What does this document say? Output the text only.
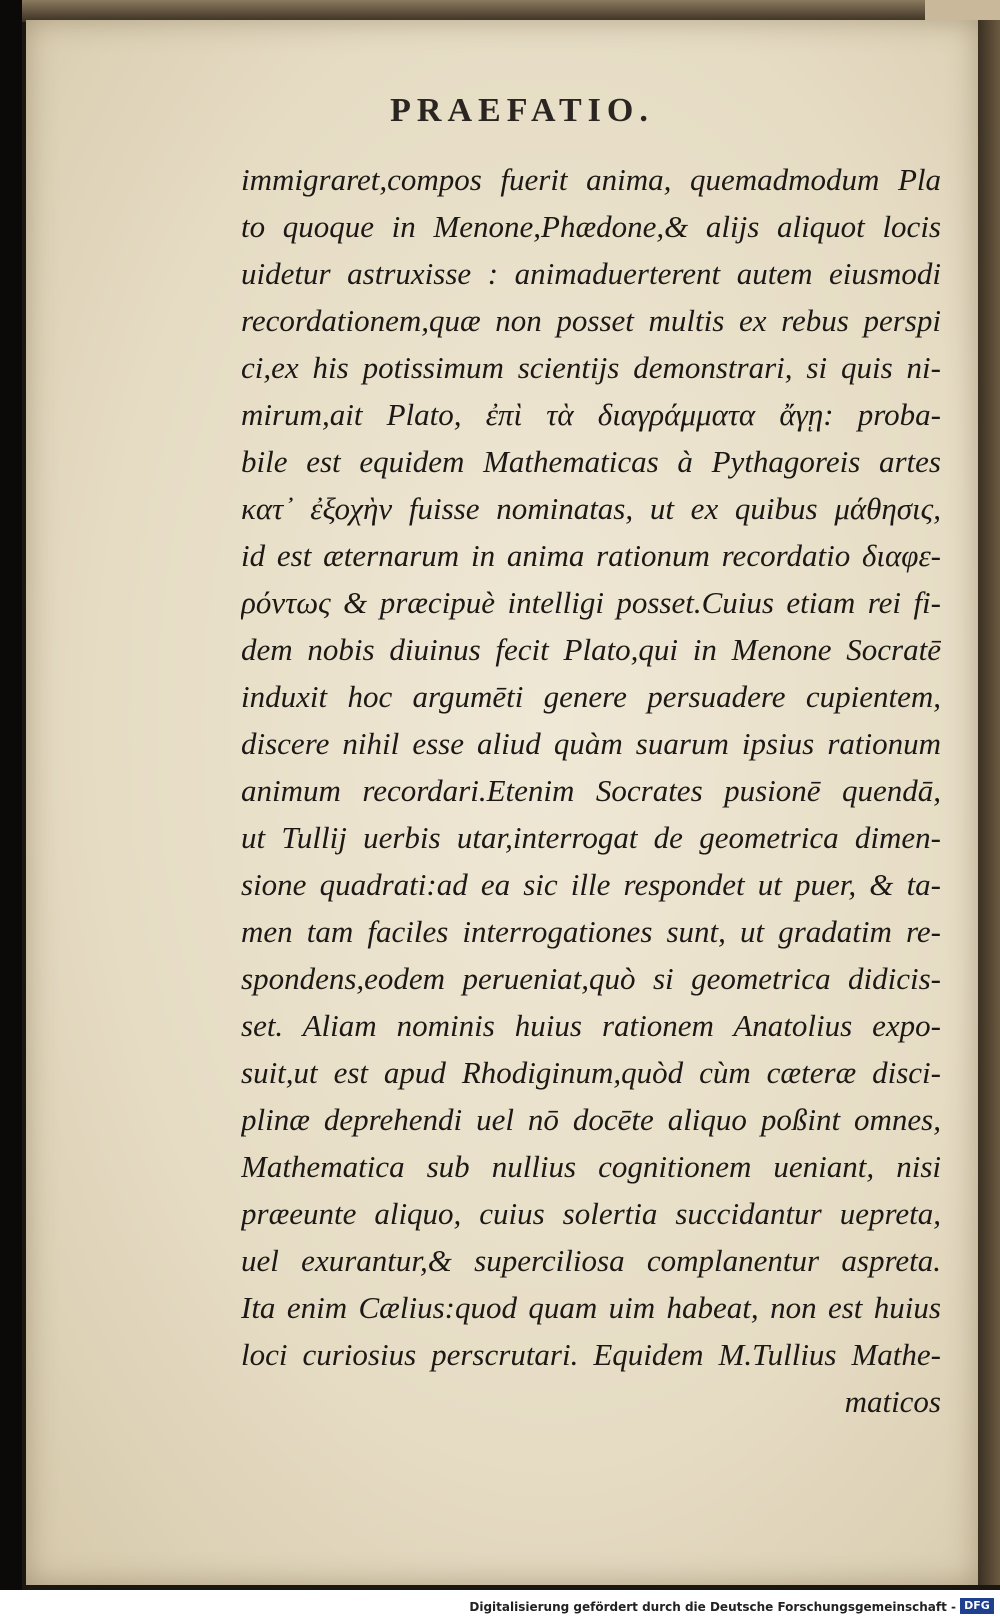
PRAEFATIO.
immigraret,compos fuerit anima, quemadmodum Pla
to quoque in Menone,Phædone,& alijs aliquot locis
uidetur astruxisse : animaduerterent autem eiusmodi
recordationem,quæ non posset multis ex rebus perspi
ci,ex his potissimum scientijs demonstrari, si quis ni-
mirum,ait Plato, ἐπὶ τὰ διαγράμματα ἄγῃ: proba-
bile est equidem Mathematicas à Pythagoreis artes
κατ᾽ ἐξοχὴν fuisse nominatas, ut ex quibus μάθησις,
id est æternarum in anima rationum recordatio διαφε-
ρόντως & præcipuè intelligi posset.Cuius etiam rei fi-
dem nobis diuinus fecit Plato,qui in Menone Socratē
induxit hoc argumēti genere persuadere cupientem,
discere nihil esse aliud quàm suarum ipsius rationum
animum recordari.Etenim Socrates pusionē quendā,
ut Tullij uerbis utar,interrogat de geometrica dimen-
sione quadrati:ad ea sic ille respondet ut puer, & ta-
men tam faciles interrogationes sunt, ut gradatim re-
spondens,eodem perueniat,quò si geometrica didicis-
set. Aliam nominis huius rationem Anatolius expo-
suit,ut est apud Rhodiginum,quòd cùm cæteræ disci-
plinæ deprehendi uel nō docēte aliquo poßint omnes,
Mathematica sub nullius cognitionem ueniant, nisi
præeunte aliquo, cuius solertia succidantur uepreta,
uel exurantur,& superciliosa complanentur aspreta.
Ita enim Cælius:quod quam uim habeat, non est huius
loci curiosius perscrutari. Equidem M.Tullius Mathe-
maticos
Digitalisierung gefördert durch die Deutsche Forschungsgemeinschaft - DFG
